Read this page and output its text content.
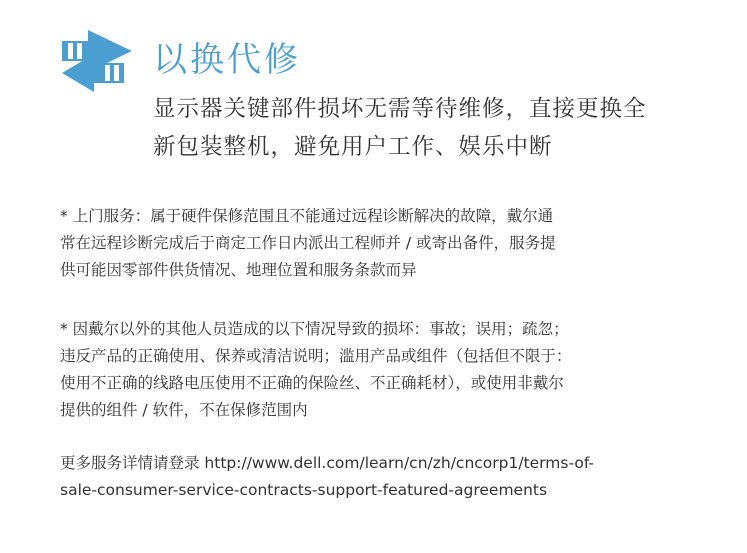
以换代修
显示器关键部件损坏无需等待维修，直接更换全
新包装整机，避免用户工作、娱乐中断
* 上门服务：属于硬件保修范围且不能通过远程诊断解决的故障，戴尔通
常在远程诊断完成后于商定工作日内派出工程师并 / 或寄出备件，服务提
供可能因零部件供货情况、地理位置和服务条款而异
* 因戴尔以外的其他人员造成的以下情况导致的损坏：事故；误用；疏忽；
违反产品的正确使用、保养或清洁说明；滥用产品或组件（包括但不限于：
使用不正确的线路电压使用不正确的保险丝、不正确耗材），或使用非戴尔
提供的组件 / 软件，不在保修范围内
更多服务详情请登录 http://www.dell.com/learn/cn/zh/cncorp1/terms-of-
sale-consumer-service-contracts-support-featured-agreements
